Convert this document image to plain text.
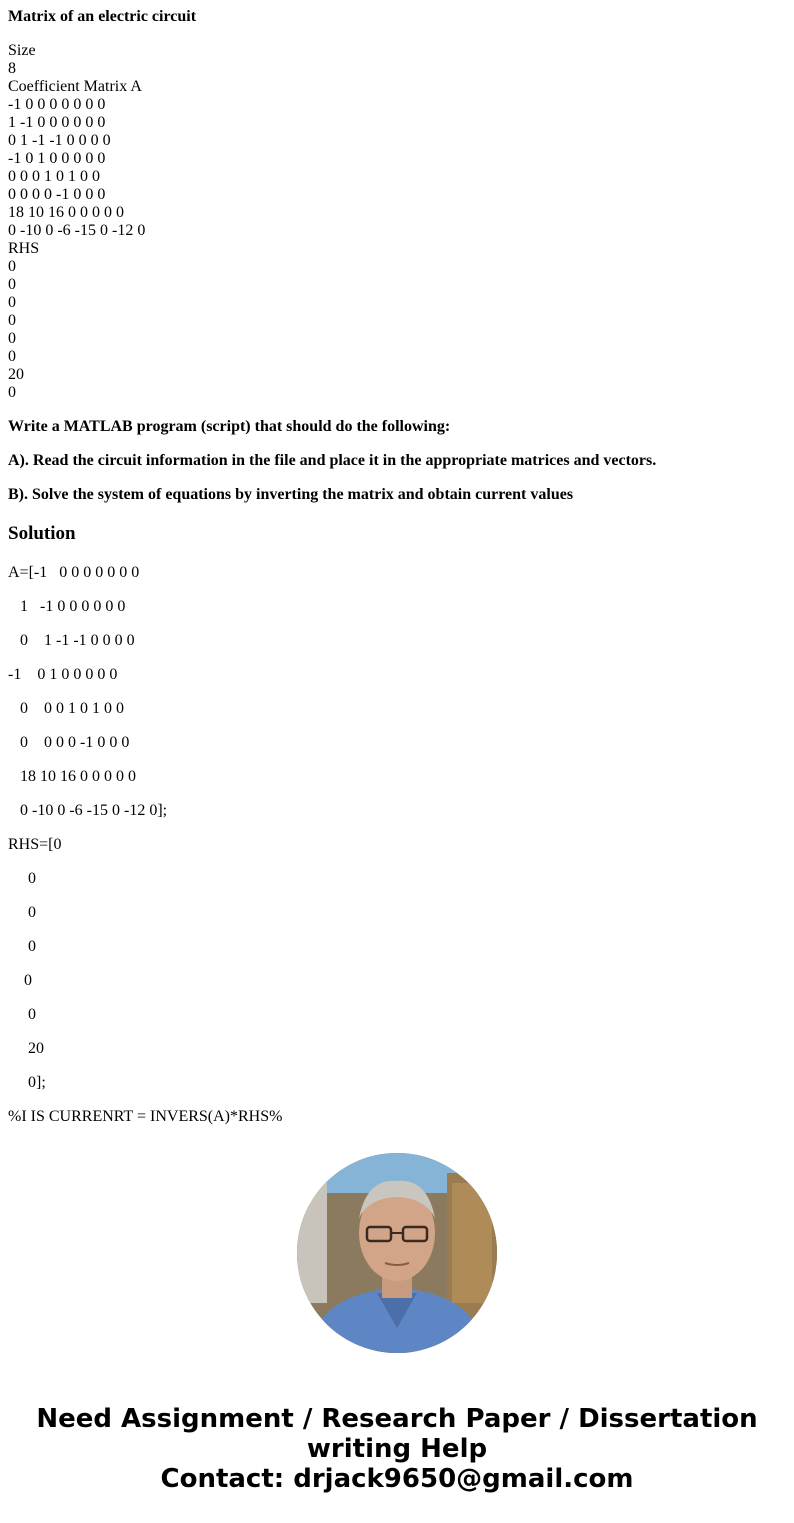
Matrix of an electric circuit
Size
8
Coefficient Matrix A
-1 0 0 0 0 0 0 0
1 -1 0 0 0 0 0 0
0 1 -1 -1 0 0 0 0
-1 0 1 0 0 0 0 0
0 0 0 1 0 1 0 0
0 0 0 0 -1 0 0 0
18 10 16 0 0 0 0 0
0 -10 0 -6 -15 0 -12 0
RHS
0
0
0
0
0
0
20
0
Write a MATLAB program (script) that should do the following:
A). Read the circuit information in the file and place it in the appropriate matrices and vectors.
B). Solve the system of equations by inverting the matrix and obtain current values
Solution
A=[-1   0 0 0 0 0 0 0
1   -1 0 0 0 0 0 0
0    1 -1 -1 0 0 0 0
-1    0 1 0 0 0 0 0
0    0 0 1 0 1 0 0
0    0 0 0 -1 0 0 0
18 10 16 0 0 0 0 0
0 -10 0 -6 -15 0 -12 0];
RHS=[0
0
0
0
0
0
20
0];
%I IS CURRENRT = INVERS(A)*RHS%
Need Assignment / Research Paper / Dissertation
writing Help
Contact: drjack9650@gmail.com
